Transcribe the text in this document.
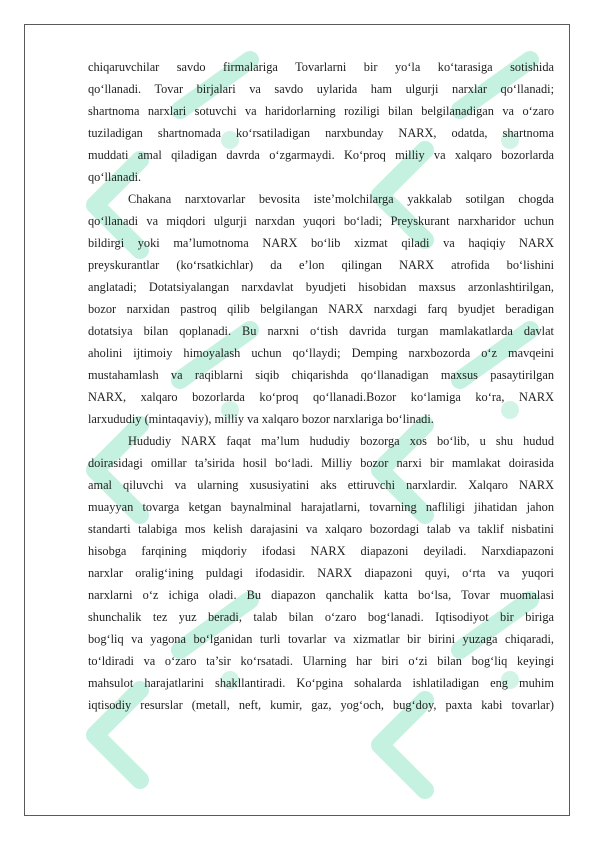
chiqaruvchilar savdo firmalariga Tovarlarni bir yo‘la ko‘tarasiga sotishida

qo‘llanadi. Tovar birjalari va savdo uylarida ham ulgurji narxlar qo‘llanadi;

shartnoma narxlari sotuvchi va haridorlarning roziligi bilan belgilanadigan va o‘zaro

tuziladigan shartnomada ko‘rsatiladigan narxbunday NARX, odatda, shartnoma

muddati amal qiladigan davrda o‘zgarmaydi. Ko‘proq milliy va xalqaro bozorlarda

qo‘llanadi.

Chakana narxtovarlar bevosita iste’molchilarga yakkalab sotilgan chogda

qo‘llanadi va miqdori ulgurji narxdan yuqori bo‘ladi; Preyskurant narxharidor uchun

bildirgi yoki ma’lumotnoma NARX bo‘lib xizmat qiladi va haqiqiy NARX

preyskurantlar (ko‘rsatkichlar) da e’lon qilingan NARX atrofida bo‘lishini

anglatadi; Dotatsiyalangan narxdavlat byudjeti hisobidan maxsus arzonlashtirilgan,

bozor narxidan pastroq qilib belgilangan NARX narxdagi farq byudjet beradigan

dotatsiya bilan qoplanadi. Bu narxni o‘tish davrida turgan mamlakatlarda davlat

aholini ijtimoiy himoyalash uchun qo‘llaydi; Demping narxbozorda o‘z mavqeini

mustahamlash va raqiblarni siqib chiqarishda qo‘llanadigan maxsus pasaytirilgan

NARX, xalqaro bozorlarda ko‘proq qo‘llanadi.Bozor ko‘lamiga ko‘ra, NARX

larxududiy (mintaqaviy), milliy va xalqaro bozor narxlariga bo‘linadi.

Hududiy NARX faqat ma’lum hududiy bozorga xos bo‘lib, u shu hudud

doirasidagi omillar ta’sirida hosil bo‘ladi. Milliy bozor narxi bir mamlakat doirasida

amal qiluvchi va ularning xususiyatini aks ettiruvchi narxlardir. Xalqaro NARX

muayyan tovarga ketgan baynalminal harajatlarni, tovarning nafliligi jihatidan jahon

standarti talabiga mos kelish darajasini va xalqaro bozordagi talab va taklif nisbatini

hisobga farqining miqdoriy ifodasi NARX diapazoni deyiladi. Narxdiapazoni

narxlar oralig‘ining puldagi ifodasidir. NARX diapazoni quyi, o‘rta va yuqori

narxlarni o‘z ichiga oladi. Bu diapazon qanchalik katta bo‘lsa, Tovar muomalasi

shunchalik tez yuz beradi, talab bilan o‘zaro bog‘lanadi. Iqtisodiyot bir biriga

bog‘liq va yagona bo‘lganidan turli tovarlar va xizmatlar bir birini yuzaga chiqaradi,

to‘ldiradi va o‘zaro ta’sir ko‘rsatadi. Ularning har biri o‘zi bilan bog‘liq keyingi

mahsulot harajatlarini shakllantiradi. Ko‘pgina sohalarda ishlatiladigan eng muhim

iqtisodiy resurslar (metall, neft, kumir, gaz, yog‘och, bug‘doy, paxta kabi tovarlar)
